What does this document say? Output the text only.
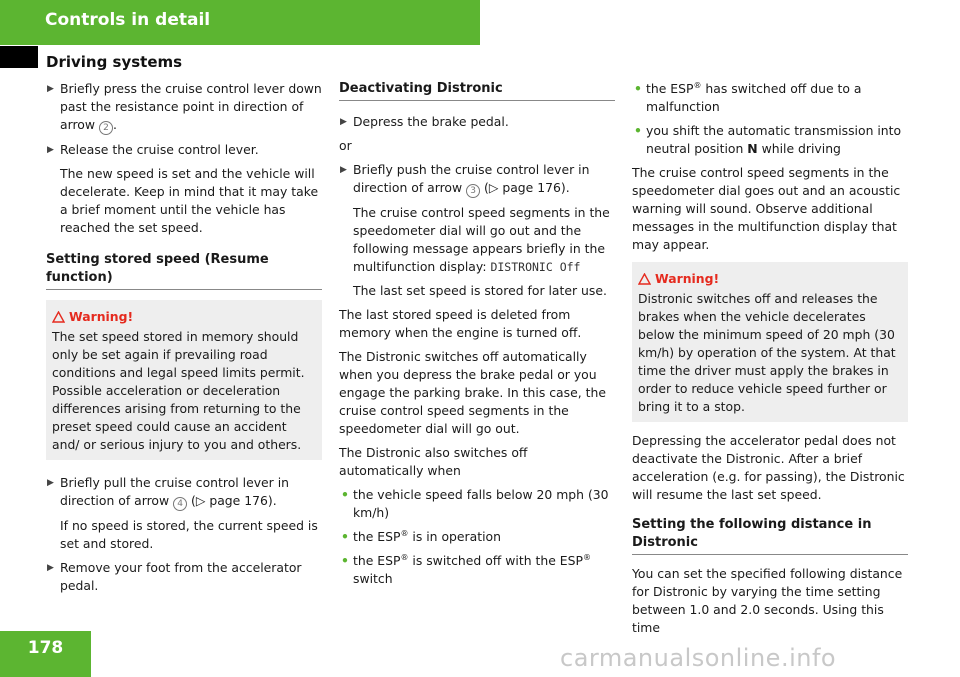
Controls in detail
Driving systems
▶ Briefly press the cruise control lever down past the resistance point in direction of arrow 2 .
▶ Release the cruise control lever.
The new speed is set and the vehicle will decelerate. Keep in mind that it may take a brief moment until the vehicle has reached the set speed.
Setting stored speed (Resume function)
Warning!
The set speed stored in memory should only be set again if prevailing road conditions and legal speed limits permit. Possible acceleration or deceleration differences arising from returning to the preset speed could cause an accident and/ or serious injury to you and others.
▶ Briefly pull the cruise control lever in direction of arrow 4 (▷ page 176).
If no speed is stored, the current speed is set and stored.
▶ Remove your foot from the accelerator pedal.
Deactivating Distronic
▶ Depress the brake pedal.

or

▶ Briefly push the cruise control lever in direction of arrow 3 (▷ page 176).
The cruise control speed segments in the speedometer dial will go out and the following message appears briefly in the multifunction display: DISTRONIC Off
The last set speed is stored for later use.

The last stored speed is deleted from memory when the engine is turned off.

The Distronic switches off automatically when you depress the brake pedal or you engage the parking brake. In this case, the cruise control speed segments in the speedometer dial will go out.

The Distronic also switches off automatically when

• the vehicle speed falls below 20 mph (30 km/h)
• the ESP® is in operation
• the ESP® is switched off with the ESP® switch
• the ESP® has switched off due to a malfunction
• you shift the automatic transmission into neutral position N while driving

The cruise control speed segments in the speedometer dial goes out and an acoustic warning will sound. Observe additional messages in the multifunction display that may appear.

Warning!
Distronic switches off and releases the brakes when the vehicle decelerates below the minimum speed of 20 mph (30 km/h) by operation of the system. At that time the driver must apply the brakes in order to reduce vehicle speed further or bring it to a stop.

Depressing the accelerator pedal does not deactivate the Distronic. After a brief acceleration (e.g. for passing), the Distronic will resume the last set speed.

Setting the following distance in Distronic

You can set the specified following distance for Distronic by varying the time setting between 1.0 and 2.0 seconds. Using this time

178	carmanualsonline.info
